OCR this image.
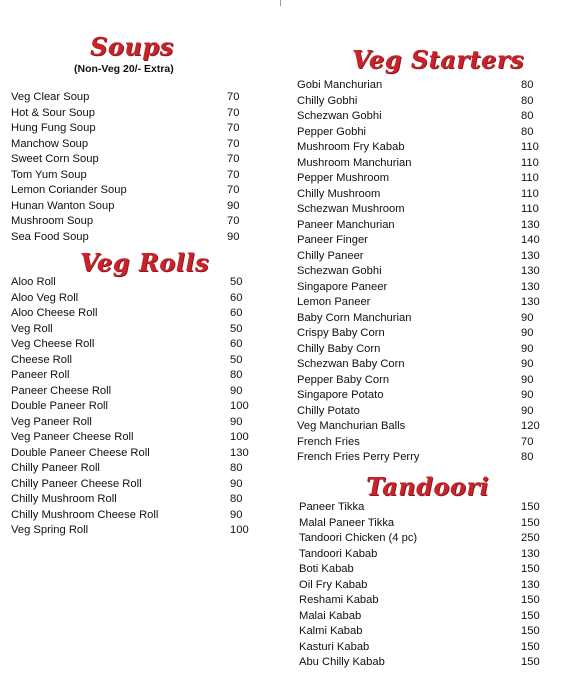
Soups
(Non-Veg 20/- Extra)
Veg Clear Soup	70
Hot & Sour Soup	70
Hung Fung Soup	70
Manchow Soup	70
Sweet Corn Soup	70
Tom Yum Soup	70
Lemon Coriander Soup	70
Hunan Wanton Soup	90
Mushroom Soup	70
Sea Food Soup	90
Veg Rolls
Aloo Roll	50
Aloo Veg Roll	60
Aloo Cheese Roll	60
Veg Roll	50
Veg Cheese Roll	60
Cheese Roll	50
Paneer Roll	80
Paneer Cheese Roll	90
Double Paneer Roll	100
Veg Paneer Roll	90
Veg Paneer Cheese Roll	100
Double Paneer Cheese Roll	130
Chilly Paneer Roll	80
Chilly Paneer Cheese Roll	90
Chilly Mushroom Roll	80
Chilly Mushroom Cheese Roll	90
Veg Spring Roll	100
Veg Starters
Gobi Manchurian	80
Chilly Gobhi	80
Schezwan Gobhi	80
Pepper Gobhi	80
Mushroom Fry Kabab	110
Mushroom Manchurian	110
Pepper Mushroom	110
Chilly Mushroom	110
Schezwan Mushroom	110
Paneer Manchurian	130
Paneer Finger	140
Chilly Paneer	130
Schezwan Gobhi	130
Singapore Paneer	130
Lemon Paneer	130
Baby Corn Manchurian	90
Crispy Baby Corn	90
Chilly Baby Corn	90
Schezwan Baby Corn	90
Pepper Baby Corn	90
Singapore Potato	90
Chilly Potato	90
Veg Manchurian Balls	120
French Fries	70
French Fries Perry Perry	80
Tandoori
Paneer Tikka	150
Malal Paneer Tikka	150
Tandoori Chicken (4 pc)	250
Tandoori Kabab	130
Boti Kabab	150
Oil Fry Kabab	130
Reshami Kabab	150
Malai Kabab	150
Kalmi Kabab	150
Kasturi Kabab	150
Abu Chilly Kabab	150
